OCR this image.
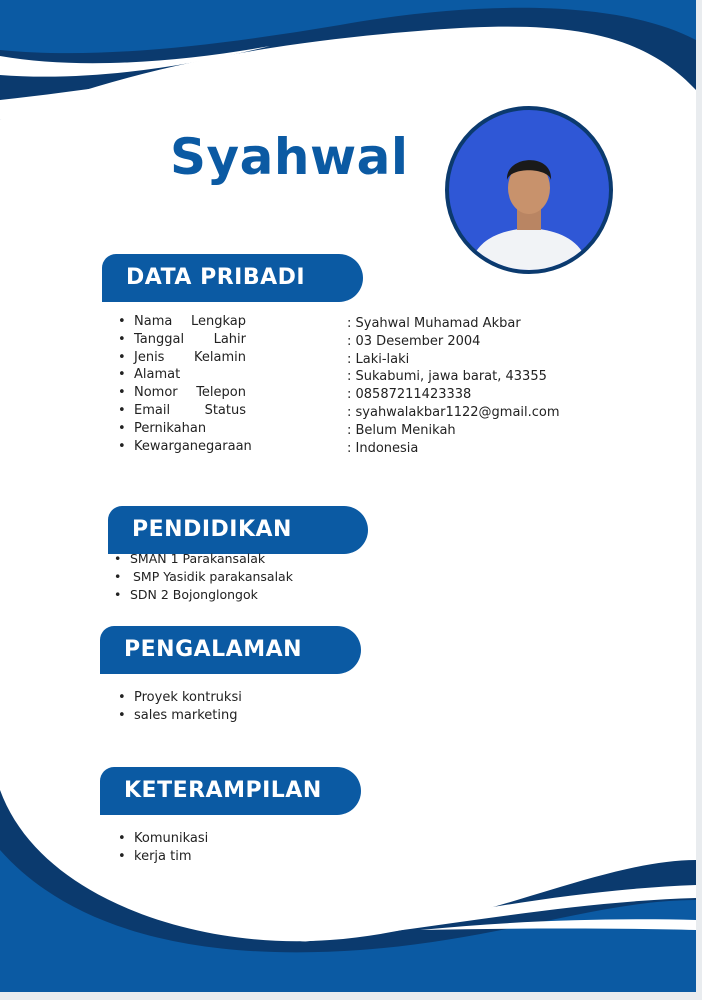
Syahwal
DATA PRIBADI
• Nama Lengkap
• Tanggal Lahir
• Jenis Kelamin
• Alamat
• Nomor Telepon
• Email	Status
• Pernikahan
• Kewarganegaraan
: Syahwal Muhamad Akbar
: 03 Desember 2004
: Laki-laki
: Sukabumi, jawa barat, 43355
: 08587211423338
: syahwalakbar1122@gmail.com
: Belum Menikah
: Indonesia
PENDIDIKAN
• SMAN 1 Parakansalak
• SMP Yasidik parakansalak
• SDN 2 Bojonglongok
PENGALAMAN
• Proyek kontruksi
• sales marketing
KETERAMPILAN
• Komunikasi
• kerja tim
